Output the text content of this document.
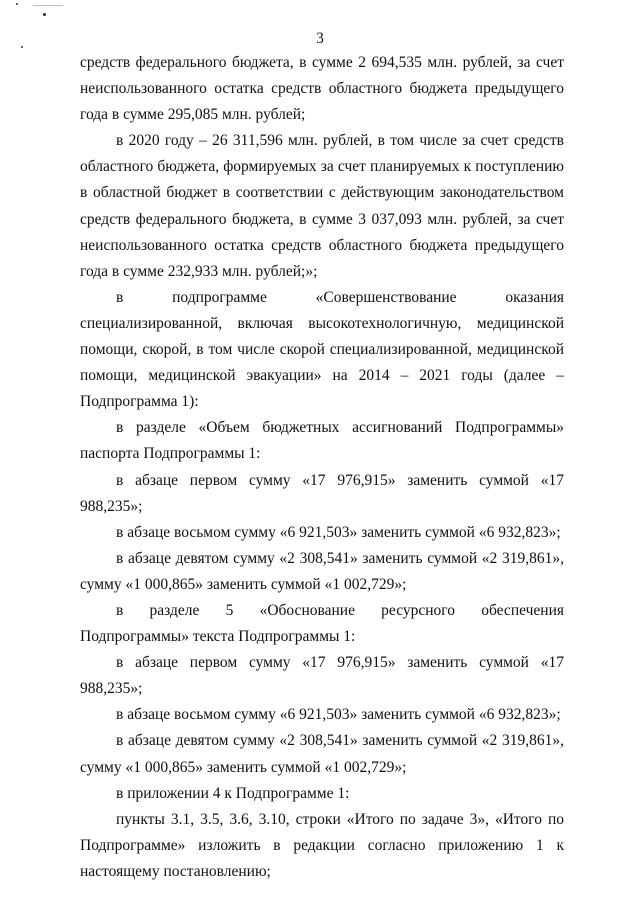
3

средств федерального бюджета, в сумме 2 694,535 млн. рублей, за счет неиспользованного остатка средств областного бюджета предыдущего года в сумме 295,085 млн. рублей;

в 2020 году – 26 311,596 млн. рублей, в том числе за счет средств областного бюджета, формируемых за счет планируемых к поступлению в областной бюджет в соответствии с действующим законодательством средств федерального бюджета, в сумме 3 037,093 млн. рублей, за счет неиспользованного остатка средств областного бюджета предыдущего года в сумме 232,933 млн. рублей;»;

в подпрограмме «Совершенствование оказания специализированной, включая высокотехнологичную, медицинской помощи, скорой, в том числе скорой специализированной, медицинской помощи, медицинской эвакуации» на 2014 – 2021 годы (далее – Подпрограмма 1):

в разделе «Объем бюджетных ассигнований Подпрограммы» паспорта Подпрограммы 1:

в абзаце первом сумму «17 976,915» заменить суммой «17 988,235»;

в абзаце восьмом сумму «6 921,503» заменить суммой «6 932,823»;

в абзаце девятом сумму «2 308,541» заменить суммой «2 319,861», сумму «1 000,865» заменить суммой «1 002,729»;

в разделе 5 «Обоснование ресурсного обеспечения Подпрограммы» текста Подпрограммы 1:

в абзаце первом сумму «17 976,915» заменить суммой «17 988,235»;

в абзаце восьмом сумму «6 921,503» заменить суммой «6 932,823»;

в абзаце девятом сумму «2 308,541» заменить суммой «2 319,861», сумму «1 000,865» заменить суммой «1 002,729»;

в приложении 4 к Подпрограмме 1:

пункты 3.1, 3.5, 3.6, 3.10, строки «Итого по задаче 3», «Итого по Подпрограмме» изложить в редакции согласно приложению 1 к настоящему постановлению;
